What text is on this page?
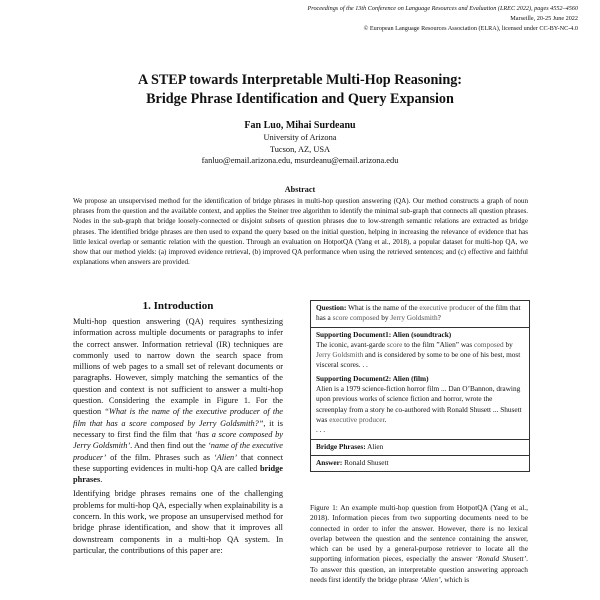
Proceedings of the 13th Conference on Language Resources and Evaluation (LREC 2022), pages 4552–4560
Marseille, 20-25 June 2022
© European Language Resources Association (ELRA), licensed under CC-BY-NC-4.0
A STEP towards Interpretable Multi-Hop Reasoning:
Bridge Phrase Identification and Query Expansion
Fan Luo, Mihai Surdeanu
University of Arizona
Tucson, AZ, USA
fanluo@email.arizona.edu, msurdeanu@email.arizona.edu
Abstract
We propose an unsupervised method for the identification of bridge phrases in multi-hop question answering (QA). Our method constructs a graph of noun phrases from the question and the available context, and applies the Steiner tree algorithm to identify the minimal sub-graph that connects all question phrases. Nodes in the sub-graph that bridge loosely-connected or disjoint subsets of question phrases due to low-strength semantic relations are extracted as bridge phrases. The identified bridge phrases are then used to expand the query based on the initial question, helping in increasing the relevance of evidence that has little lexical overlap or semantic relation with the question. Through an evaluation on HotpotQA (Yang et al., 2018), a popular dataset for multi-hop QA, we show that our method yields: (a) improved evidence retrieval, (b) improved QA performance when using the retrieved sentences; and (c) effective and faithful explanations when answers are provided.
1. Introduction

Multi-hop question answering (QA) requires synthesizing information across multiple documents or paragraphs to infer the correct answer. Information retrieval (IR) techniques are commonly used to narrow down the search space from millions of web pages to a small set of relevant documents or paragraphs. However, simply matching the semantics of the question and context is not sufficient to answer a multi-hop question. Considering the example in Figure 1. For the question “What is the name of the executive producer of the film that has a score composed by Jerry Goldsmith?”, it is necessary to first find the film that ‘has a score composed by Jerry Goldsmith’. And then find out the ‘name of the executive producer’ of the film. Phrases such as ‘Alien’ that connect these supporting evidences in multi-hop QA are called bridge phrases.

Identifying bridge phrases remains one of the challenging problems for multi-hop QA, especially when explainability is a concern. In this work, we propose an unsupervised method for bridge phrase identification, and show that it improves all downstream components in a multi-hop QA system. In particular, the contributions of this paper are:

Question: What is the name of the executive producer of the film that has a score composed by Jerry Goldsmith?
Supporting Document1: Alien (soundtrack)
The iconic, avant-garde score to the film ”Alien” was composed by Jerry Goldsmith and is considered by some to be one of his best, most visceral scores. . .
Supporting Document2: Alien (film)
Alien is a 1979 science-fiction horror film ... Dan O’Bannon, drawing upon previous works of science fiction and horror, wrote the screenplay from a story he co-authored with Ronald Shusett ... Shusett was executive producer.
. . .
Bridge Phrases: Alien
Answer: Ronald Shusett
Figure 1: An example multi-hop question from HotpotQA (Yang et al., 2018). Information pieces from two supporting documents need to be connected in order to infer the answer. However, there is no lexical overlap between the question and the sentence containing the answer, which can be used by a general-purpose retriever to locate all the supporting information pieces, especially the answer ‘Ronald Shusett’. To answer this question, an interpretable question answering approach needs first identify the bridge phrase ‘Alien’, which is
